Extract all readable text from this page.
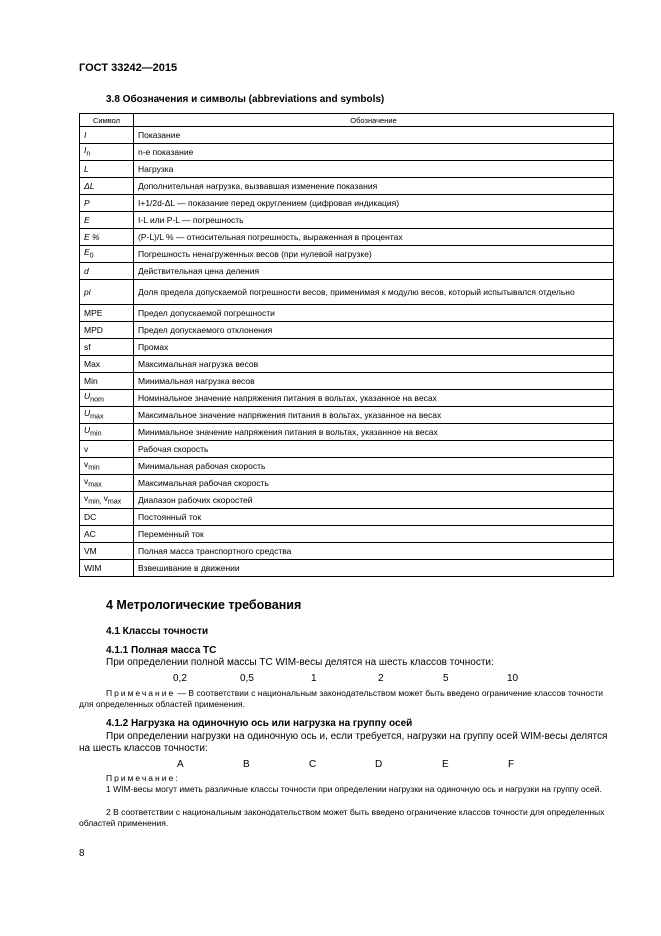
ГОСТ 33242—2015
3.8 Обозначения и символы (abbreviations and symbols)
Символ	Обозначение
I	Показание
$I_n$	n-е показание
L	Нагрузка
ΔL	Дополнительная нагрузка, вызвавшая изменение показания
P	I+1/2d-ΔL — показание перед округлением (цифровая индикация)
E	I-L или P-L — погрешность
E %	(P-L)/L % — относительная погрешность, выраженная в процентах
$E_0$	Погрешность ненагруженных весов (при нулевой нагрузке)
d	Действительная цена деления
pi	Доля предела допускаемой погрешности весов, применимая к модулю весов, который испытывался отдельно
MPE	Предел допускаемой погрешности
MPD	Предел допускаемого отклонения
sf	Промах
Max	Максимальная нагрузка весов
Min	Минимальная нагрузка весов
$U_{nom}$	Номинальное значение напряжения питания в вольтах, указанное на весах
$U_{max}$	Максимальное значение напряжения питания в вольтах, указанное на весах
$U_{min}$	Минимальное значение напряжения питания в вольтах, указанное на весах
v	Рабочая скорость
$v_{min}$	Минимальная рабочая скорость
$v_{max}$	Максимальная рабочая скорость
$v_{min,}$ $v_{max}$	Диапазон рабочих скоростей
DC	Постоянный ток
AC	Переменный ток
VM	Полная масса транспортного средства
WIM	Взвешивание в движении
4 Метрологические требования
4.1 Классы точности
4.1.1 Полная масса ТС
При определении полной массы ТС WIM-весы делятся на шесть классов точности:
0,2	0,5	1	2	5	10
Примечание — В соответствии с национальным законодательством может быть введено ограничение классов точности для определенных областей применения.
4.1.2 Нагрузка на одиночную ось или нагрузка на группу осей
При определении нагрузки на одиночную ось и, если требуется, нагрузки на группу осей WIM-весы делятся на шесть классов точности:
A	B	C	D	E	F
Примечание:
1 WIM-весы могут иметь различные классы точности при определении нагрузки на одиночную ось и нагрузки на группу осей.
2 В соответствии с национальным законодательством может быть введено ограничение классов точности для определенных областей применения.
8
